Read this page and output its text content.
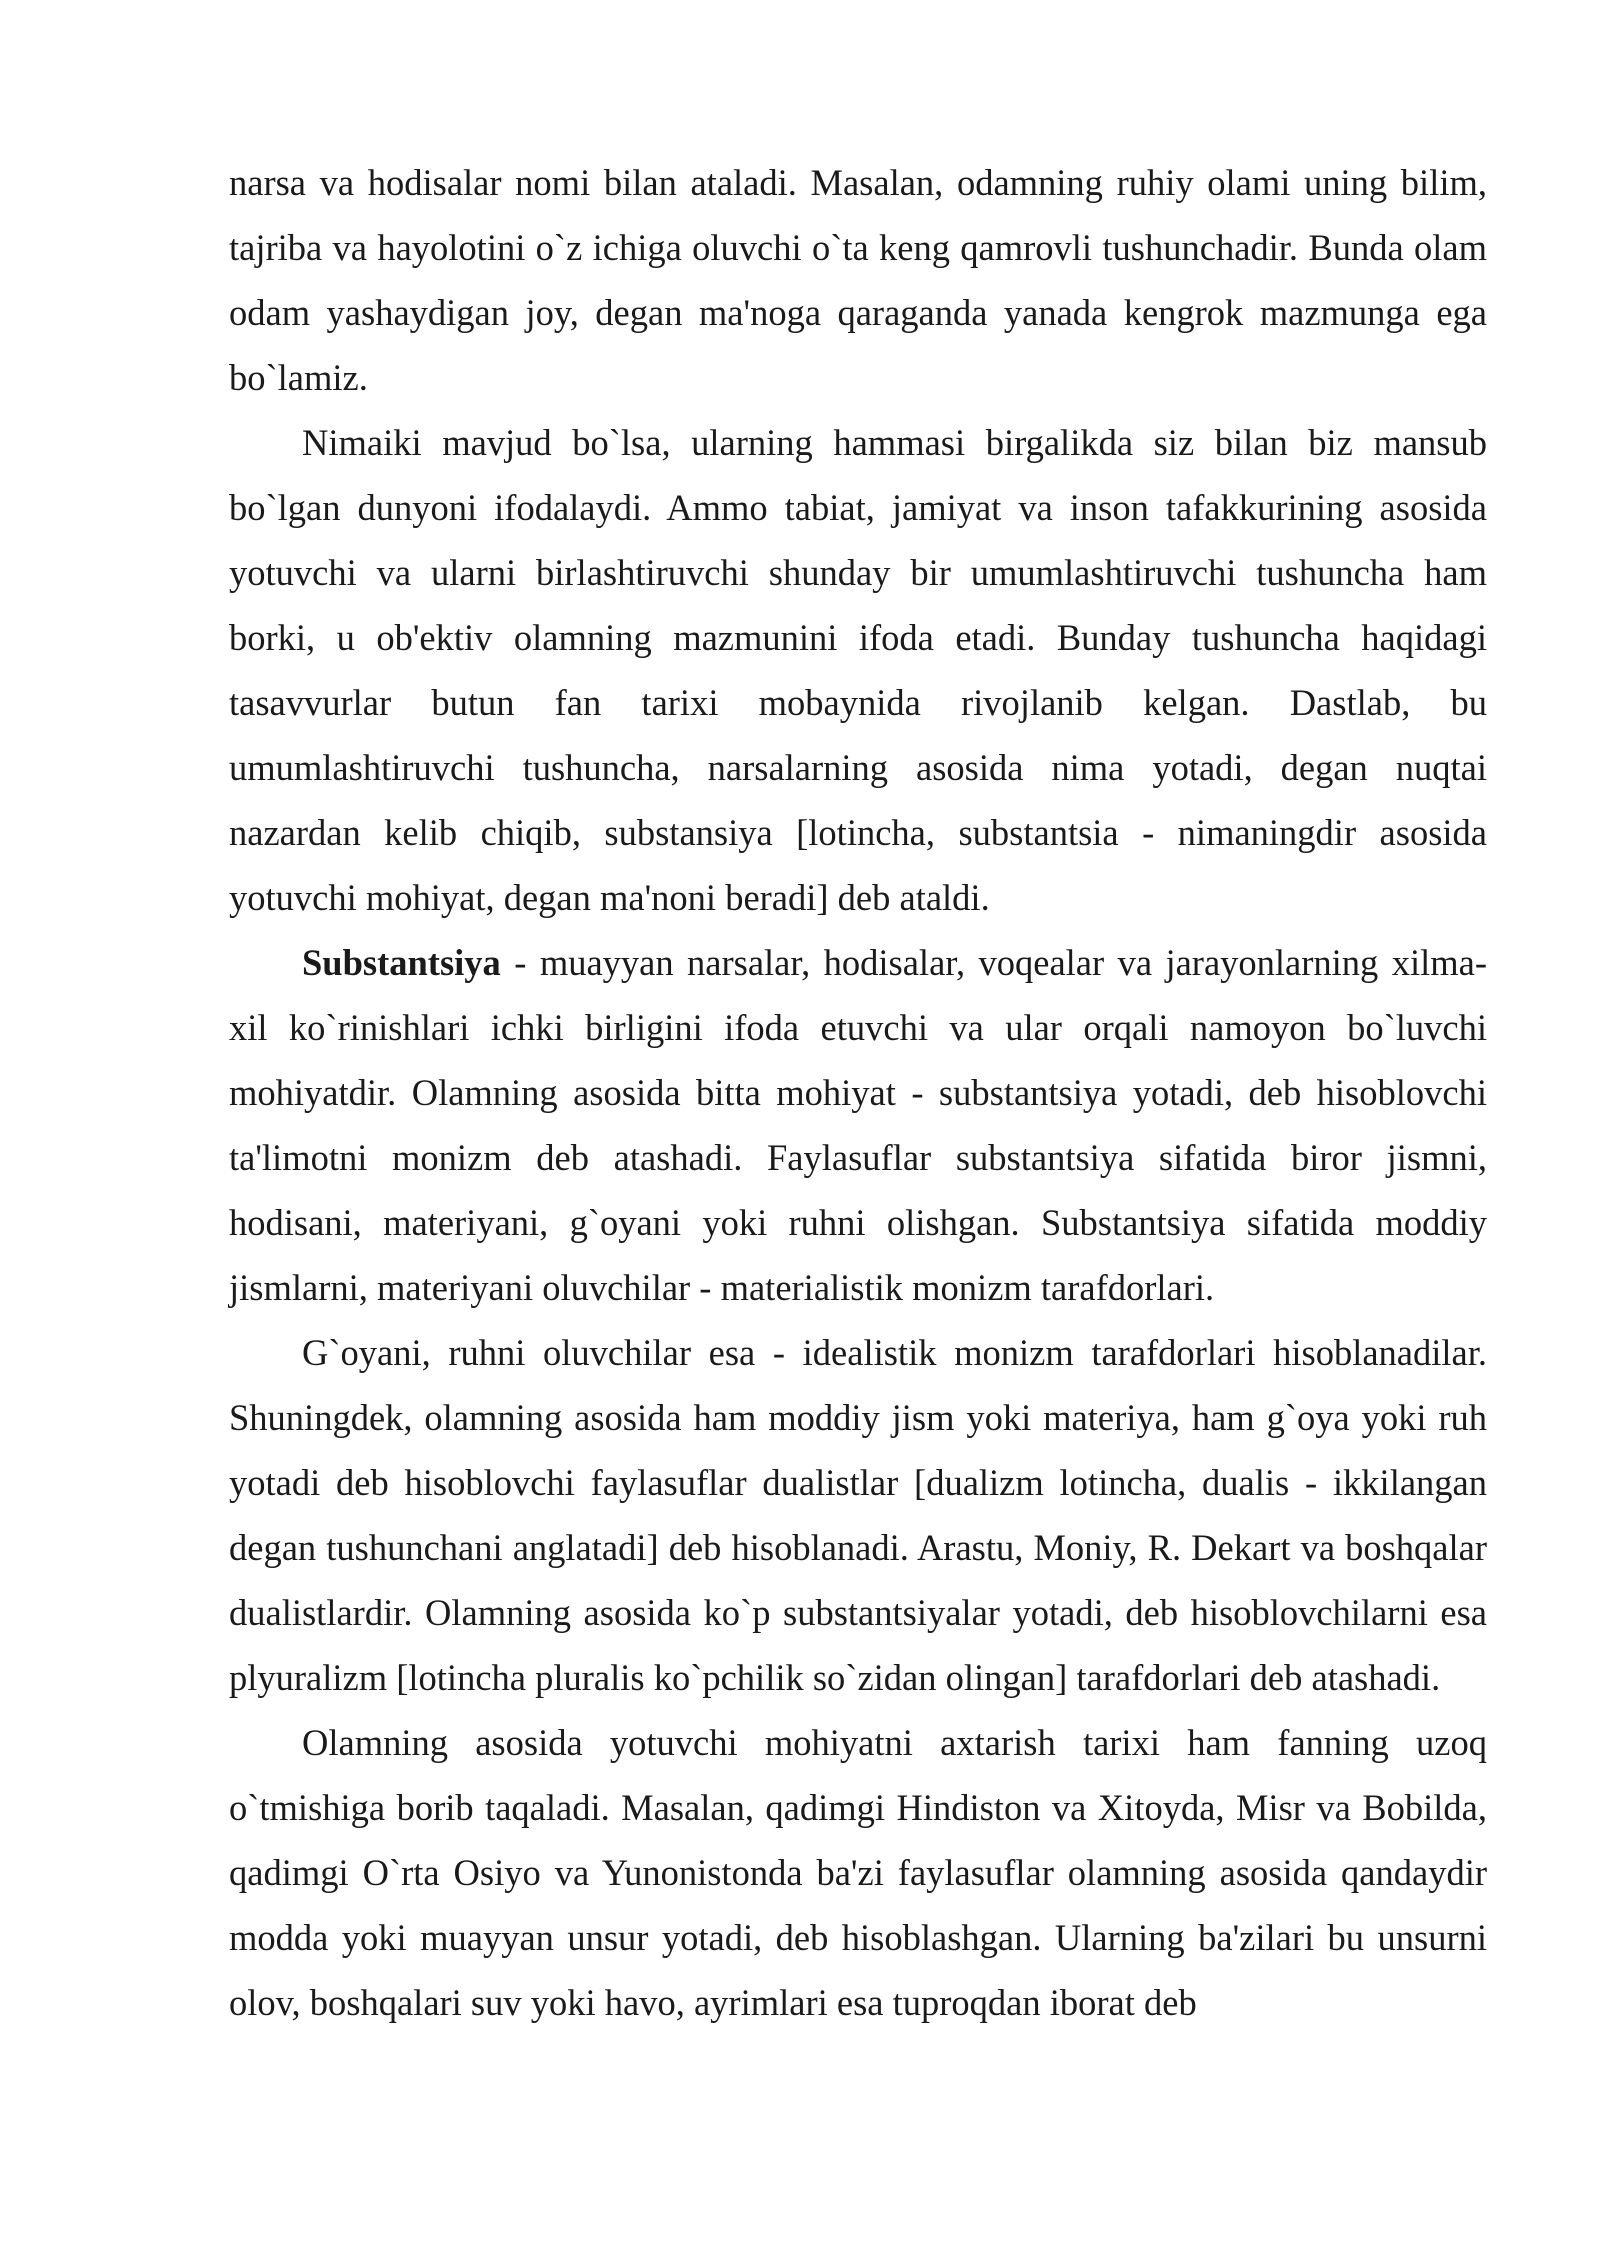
narsa va hodisalar nomi bilan ataladi. Masalan, odamning ruhiy olami uning bilim, tajriba va hayolotini o`z ichiga oluvchi o`ta keng qamrovli tushunchadir. Bunda olam odam yashaydigan joy, degan ma'noga qaraganda yanada kengrok mazmunga ega bo`lamiz.

Nimaiki mavjud bo`lsa, ularning hammasi birgalikda siz bilan biz mansub bo`lgan dunyoni ifodalaydi. Ammo tabiat, jamiyat va inson tafakkurining asosida yotuvchi va ularni birlashtiruvchi shunday bir umumlashtiruvchi tushuncha ham borki, u ob'ektiv olamning mazmunini ifoda etadi. Bunday tushuncha haqidagi tasavvurlar butun fan tarixi mobaynida rivojlanib kelgan. Dastlab, bu umumlashtiruvchi tushuncha, narsalarning asosida nima yotadi, degan nuqtai nazardan kelib chiqib, substansiya [lotincha, substantsia - nimaningdir asosida yotuvchi mohiyat, degan ma'noni beradi] deb ataldi.

Substantsiya - muayyan narsalar, hodisalar, voqealar va jarayonlarning xilma-xil ko`rinishlari ichki birligini ifoda etuvchi va ular orqali namoyon bo`luvchi mohiyatdir. Olamning asosida bitta mohiyat - substantsiya yotadi, deb hisoblovchi ta'limotni monizm deb atashadi. Faylasuflar substantsiya sifatida biror jismni, hodisani, materiyani, g`oyani yoki ruhni olishgan. Substantsiya sifatida moddiy jismlarni, materiyani oluvchilar - materialistik monizm tarafdorlari.

G`oyani, ruhni oluvchilar esa - idealistik monizm tarafdorlari hisoblanadilar. Shuningdek, olamning asosida ham moddiy jism yoki materiya, ham g`oya yoki ruh yotadi deb hisoblovchi faylasuflar dualistlar [dualizm lotincha, dualis - ikkilangan degan tushunchani anglatadi] deb hisoblanadi. Arastu, Moniy, R. Dekart va boshqalar dualistlardir. Olamning asosida ko`p substantsiyalar yotadi, deb hisoblovchilarni esa plyuralizm [lotincha pluralis ko`pchilik so`zidan olingan] tarafdorlari deb atashadi.

Olamning asosida yotuvchi mohiyatni axtarish tarixi ham fanning uzoq o`tmishiga borib taqaladi. Masalan, qadimgi Hindiston va Xitoyda, Misr va Bobilda, qadimgi O`rta Osiyo va Yunonistonda ba'zi faylasuflar olamning asosida qandaydir modda yoki muayyan unsur yotadi, deb hisoblashgan. Ularning ba'zilari bu unsurni olov, boshqalari suv yoki havo, ayrimlari esa tuproqdan iborat deb
